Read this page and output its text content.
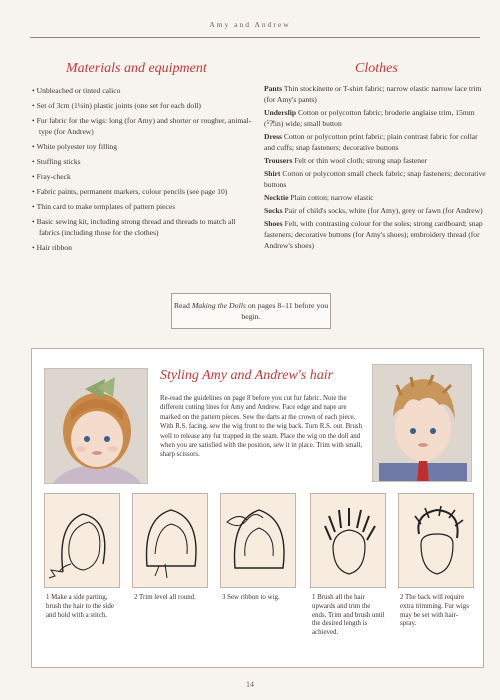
Amy and Andrew
Materials and equipment
• Unbleached or tinted calico
• Set of 3cm (1¼in) plastic joints (one set for each doll)
• Fur fabric for the wigs: long (for Amy) and shorter or rougher, animal-type (for Andrew)
• White polyester toy filling
• Stuffing sticks
• Fray-check
• Fabric paints, permanent markers, colour pencils (see page 10)
• Thin card to make templates of pattern pieces
• Basic sewing kit, including strong thread and threads to match all fabrics (including those for the clothes)
• Hair ribbon
Clothes
Pants Thin stockinette or T-shirt fabric; narrow elastic narrow lace trim (for Amy's pants)
Underslip Cotton or polycotton fabric; broderie anglaise trim, 15mm (⁵⁈in) wide; small button
Dress Cotton or polycotton print fabric; plain contrast fabric for collar and cuffs; snap fasteners; decorative buttons
Trousers Felt or thin wool cloth; strong snap fastener
Shirt Cotton or polycotton small check fabric; snap fasteners; decorative buttons
Necktie Plain cotton; narrow elastic
Socks Pair of child's socks, white (for Amy), grey or fawn (for Andrew)
Shoes Felt, with contrasting colour for the soles; strong cardboard; snap fasteners; decorative buttons (for Amy's shoes); embroidery thread (for Andrew's shoes)
Read Making the Dolls on pages 8–11 before you begin.
Styling Amy and Andrew's hair
Re-read the guidelines on page 8 before you cut fur fabric. Note the different cutting lines for Amy and Andrew. Face edge and nape are marked on the pattern pieces. Sew the darts at the crown of each piece. With R.S. facing, sew the wig front to the wig back. Turn R.S. out. Brush well to release any fur trapped in the seam. Place the wig on the doll and when you are satisfied with the position, sew it in place. Trim with small, sharp scissors.
1 Make a side parting, brush the hair to the side and hold with a stitch.
2 Trim level all round.	3 Sew ribbon to wig.	1 Brush all the hair upwards and trim the ends. Trim and brush until the desired length is achieved.
2 The back will require extra trimming. Fur wigs may be set with hair-spray.
14
